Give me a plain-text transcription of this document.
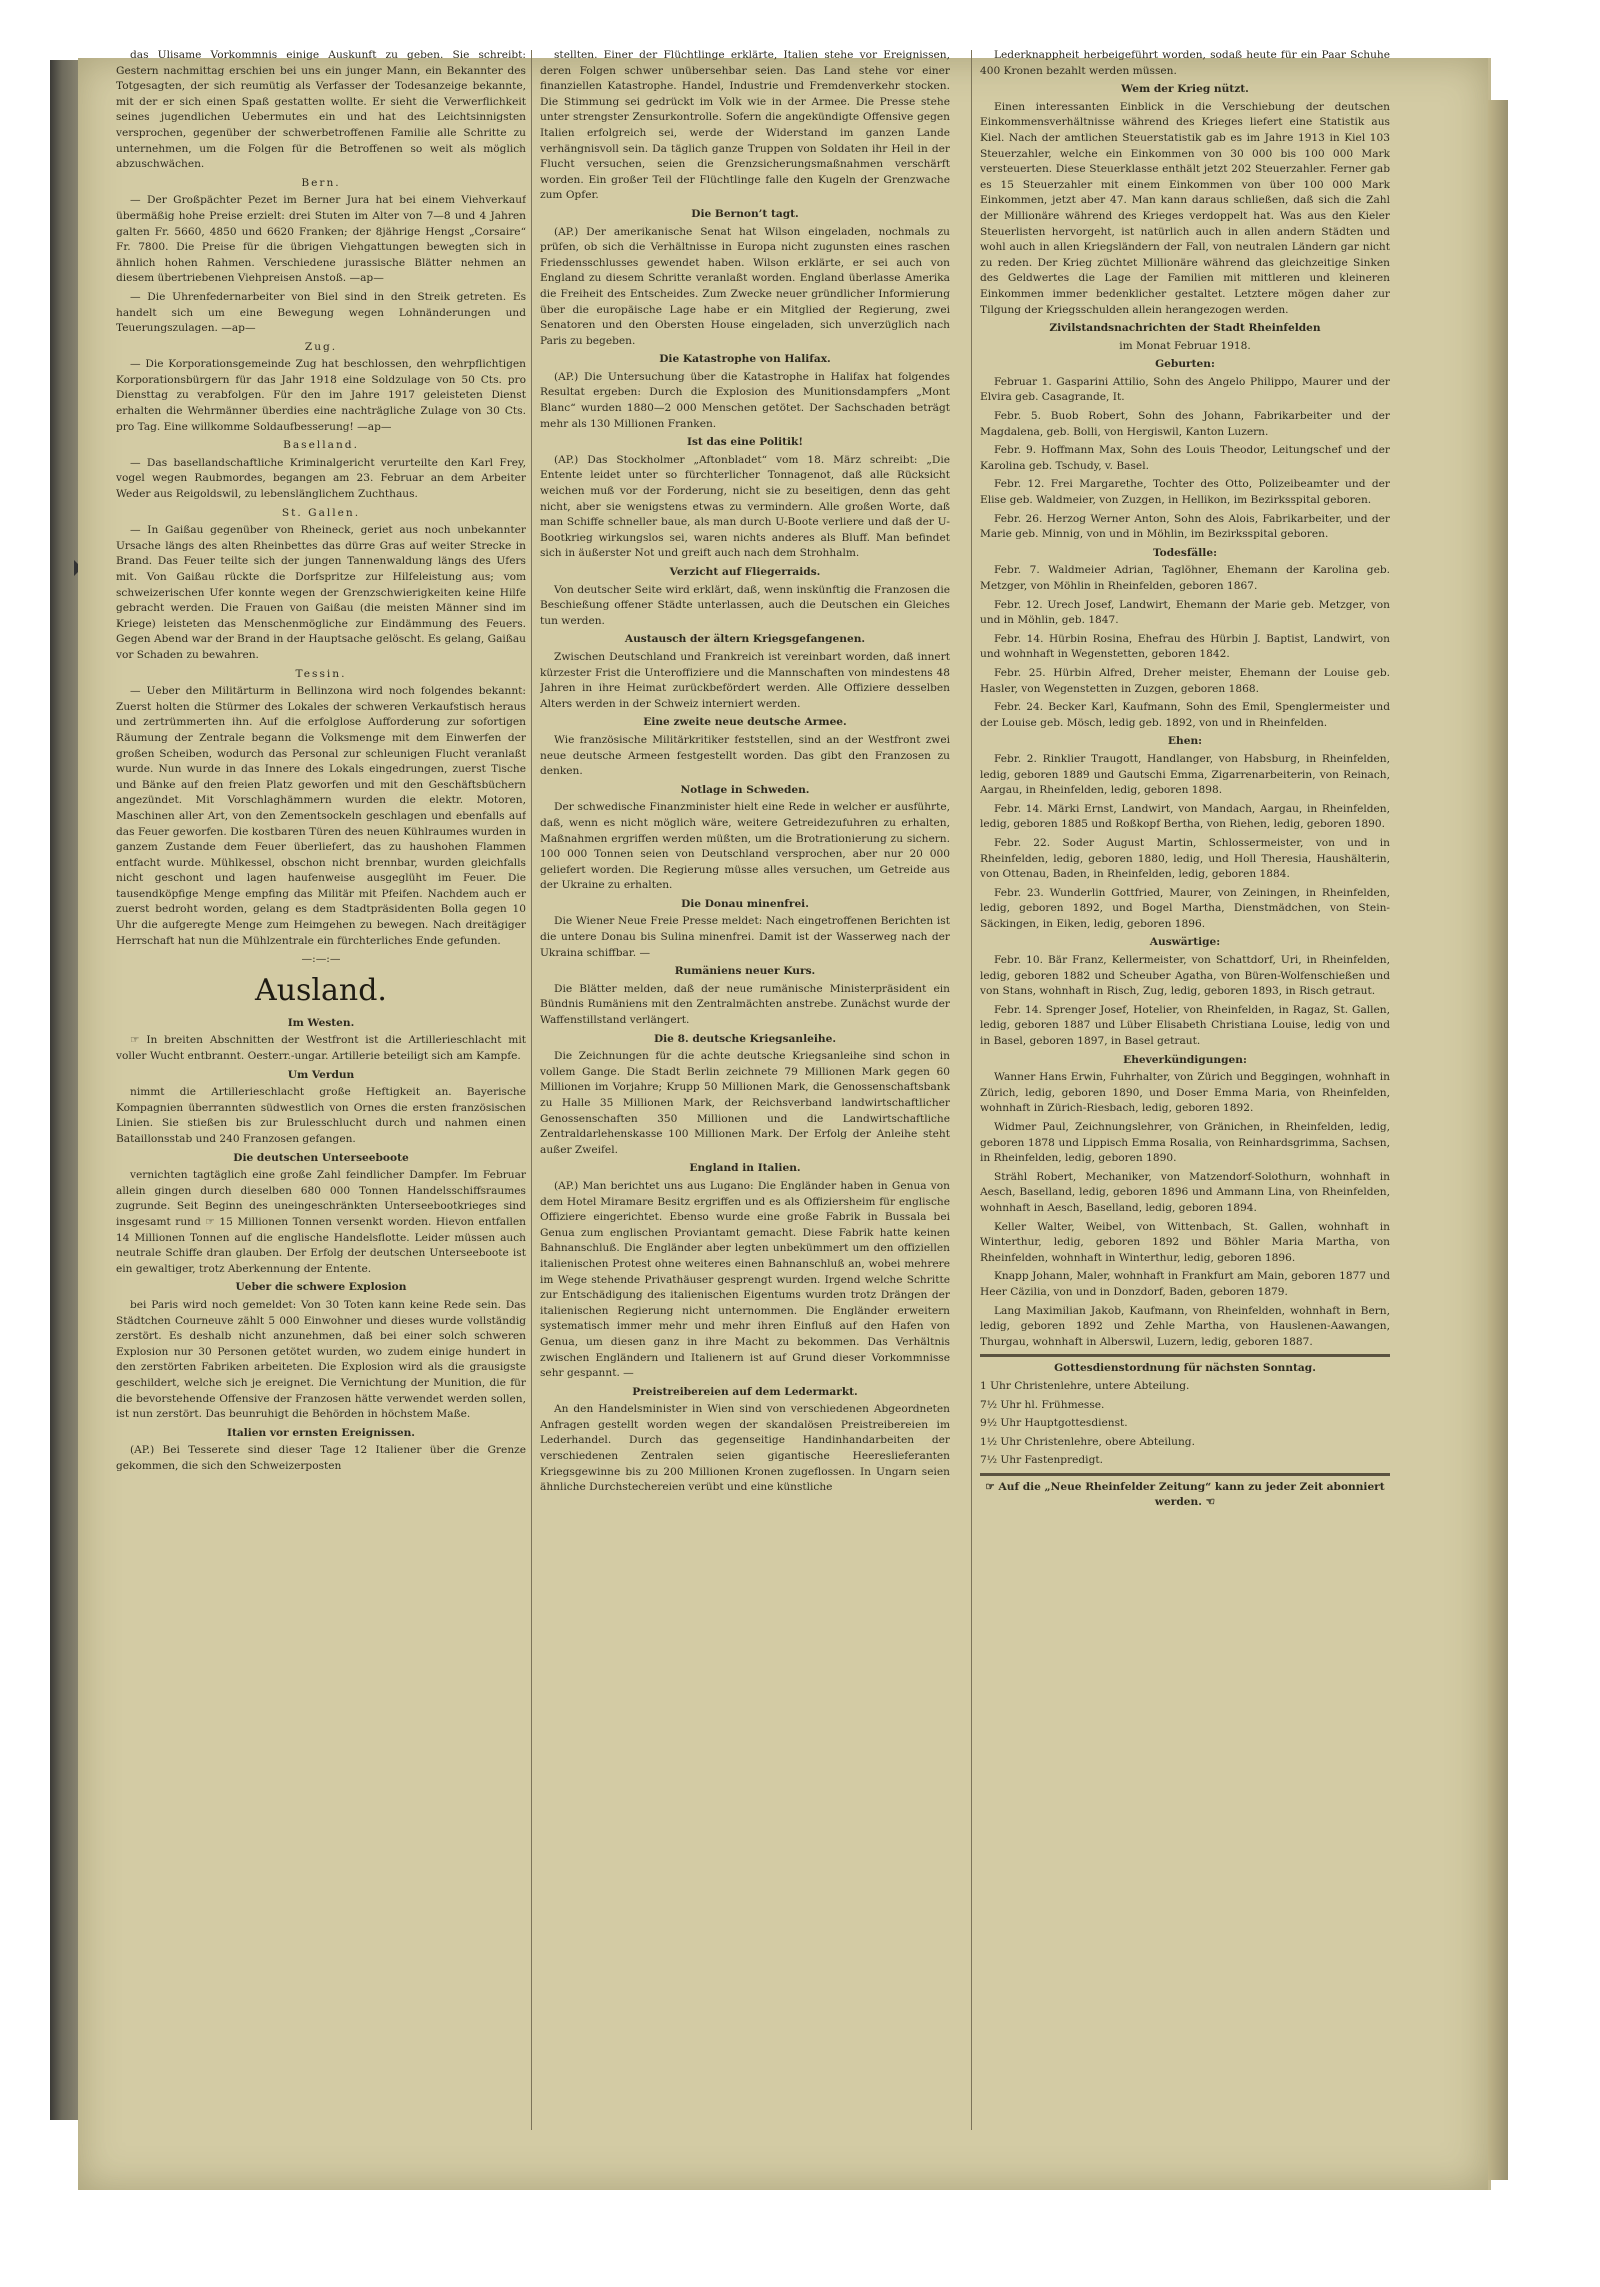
das Ulisame Vorkommnis einige Auskunft zu geben. Sie schreibt: Gestern nachmittag erschien bei uns ein junger Mann, ein Bekannter des Totgesagten, der sich reumütig als Verfasser der Todesanzeige bekannte, mit der er sich einen Spaß gestatten wollte. Er sieht die Verwerflichkeit seines jugendlichen Uebermutes ein und hat des Leichtsinnigsten versprochen, gegenüber der schwerbetroffenen Familie alle Schritte zu unternehmen, um die Folgen für die Betroffenen so weit als möglich abzuschwächen.

Bern.

— Der Großpächter Pezet im Berner Jura hat bei einem Viehverkauf übermäßig hohe Preise erzielt: drei Stuten im Alter von 7—8 und 4 Jahren galten Fr. 5660, 4850 und 6620 Franken; der 8jährige Hengst „Corsaire“ Fr. 7800. Die Preise für die übrigen Viehgattungen bewegten sich in ähnlich hohen Rahmen. Verschiedene jurassische Blätter nehmen an diesem übertriebenen Viehpreisen Anstoß. —ap—

— Die Uhrenfedernarbeiter von Biel sind in den Streik getreten. Es handelt sich um eine Bewegung wegen Lohnänderungen und Teuerungszulagen. —ap—

Zug.

— Die Korporationsgemeinde Zug hat beschlossen, den wehrpflichtigen Korporationsbürgern für das Jahr 1918 eine Soldzulage von 50 Cts. pro Diensttag zu verabfolgen. Für den im Jahre 1917 geleisteten Dienst erhalten die Wehrmänner überdies eine nachträgliche Zulage von 30 Cts. pro Tag. Eine willkomme Soldaufbesserung! —ap—

Baselland.

— Das basellandschaftliche Kriminalgericht verurteilte den Karl Frey, vogel wegen Raubmordes, begangen am 23. Februar an dem Arbeiter Weder aus Reigoldswil, zu lebenslänglichem Zuchthaus.

St. Gallen.

— In Gaißau gegenüber von Rheineck, geriet aus noch unbekannter Ursache längs des alten Rheinbettes das dürre Gras auf weiter Strecke in Brand. Das Feuer teilte sich der jungen Tannenwaldung längs des Ufers mit. Von Gaißau rückte die Dorfspritze zur Hilfeleistung aus; vom schweizerischen Ufer konnte wegen der Grenzschwierigkeiten keine Hilfe gebracht werden. Die Frauen von Gaißau (die meisten Männer sind im Kriege) leisteten das Menschenmögliche zur Eindämmung des Feuers. Gegen Abend war der Brand in der Hauptsache gelöscht. Es gelang, Gaißau vor Schaden zu bewahren.

Tessin.

— Ueber den Militärturm in Bellinzona wird noch folgendes bekannt: Zuerst holten die Stürmer des Lokales der schweren Verkaufstisch heraus und zertrümmerten ihn. Auf die erfolglose Aufforderung zur sofortigen Räumung der Zentrale begann die Volksmenge mit dem Einwerfen der großen Scheiben, wodurch das Personal zur schleunigen Flucht veranlaßt wurde. Nun wurde in das Innere des Lokals eingedrungen, zuerst Tische und Bänke auf den freien Platz geworfen und mit den Geschäftsbüchern angezündet. Mit Vorschlaghämmern wurden die elektr. Motoren, Maschinen aller Art, von den Zementsockeln geschlagen und ebenfalls auf das Feuer geworfen. Die kostbaren Türen des neuen Kühlraumes wurden in ganzem Zustande dem Feuer überliefert, das zu haushohen Flammen entfacht wurde. Mühlkessel, obschon nicht brennbar, wurden gleichfalls nicht geschont und lagen haufenweise ausgeglüht im Feuer. Die tausendköpfige Menge empfing das Militär mit Pfeifen. Nachdem auch er zuerst bedroht worden, gelang es dem Stadtpräsidenten Bolla gegen 10 Uhr die aufgeregte Menge zum Heimgehen zu bewegen. Nach dreitägiger Herrschaft hat nun die Mühlzentrale ein fürchterliches Ende gefunden.

—:—:—
Ausland.
Im Westen.

☞ In breiten Abschnitten der Westfront ist die Artillerieschlacht mit voller Wucht entbrannt. Oesterr.-ungar. Artillerie beteiligt sich am Kampfe.

Um Verdun

nimmt die Artillerieschlacht große Heftigkeit an. Bayerische Kompagnien überrannten südwestlich von Ornes die ersten französischen Linien. Sie stießen bis zur Brulesschlucht durch und nahmen einen Bataillonsstab und 240 Franzosen gefangen.

Die deutschen Unterseeboote

vernichten tagtäglich eine große Zahl feindlicher Dampfer. Im Februar allein gingen durch dieselben 680 000 Tonnen Handelsschiffsraumes zugrunde. Seit Beginn des uneingeschränkten Unterseebootkrieges sind insgesamt rund ☞ 15 Millionen Tonnen versenkt worden. Hievon entfallen 14 Millionen Tonnen auf die englische Handelsflotte. Leider müssen auch neutrale Schiffe dran glauben. Der Erfolg der deutschen Unterseeboote ist ein gewaltiger, trotz Aberkennung der Entente.

Ueber die schwere Explosion

bei Paris wird noch gemeldet: Von 30 Toten kann keine Rede sein. Das Städtchen Courneuve zählt 5 000 Einwohner und dieses wurde vollständig zerstört. Es deshalb nicht anzunehmen, daß bei einer solch schweren Explosion nur 30 Personen getötet wurden, wo zudem einige hundert in den zerstörten Fabriken arbeiteten. Die Explosion wird als die grausigste geschildert, welche sich je ereignet. Die Vernichtung der Munition, die für die bevorstehende Offensive der Franzosen hätte verwendet werden sollen, ist nun zerstört. Das beunruhigt die Behörden in höchstem Maße.

Italien vor ernsten Ereignissen.

(AP.) Bei Tesserete sind dieser Tage 12 Italiener über die Grenze gekommen, die sich den Schweizerposten

stellten. Einer der Flüchtlinge erklärte, Italien stehe vor Ereignissen, deren Folgen schwer unübersehbar seien. Das Land stehe vor einer finanziellen Katastrophe. Handel, Industrie und Fremdenverkehr stocken. Die Stimmung sei gedrückt im Volk wie in der Armee. Die Presse stehe unter strengster Zensurkontrolle. Sofern die angekündigte Offensive gegen Italien erfolgreich sei, werde der Widerstand im ganzen Lande verhängnisvoll sein. Da täglich ganze Truppen von Soldaten ihr Heil in der Flucht versuchen, seien die Grenzsicherungsmaßnahmen verschärft worden. Ein großer Teil der Flüchtlinge falle den Kugeln der Grenzwache zum Opfer.

Die Bernon’t tagt.

(AP.) Der amerikanische Senat hat Wilson eingeladen, nochmals zu prüfen, ob sich die Verhältnisse in Europa nicht zugunsten eines raschen Friedensschlusses gewendet haben. Wilson erklärte, er sei auch von England zu diesem Schritte veranlaßt worden. England überlasse Amerika die Freiheit des Entscheides. Zum Zwecke neuer gründlicher Informierung über die europäische Lage habe er ein Mitglied der Regierung, zwei Senatoren und den Obersten House eingeladen, sich unverzüglich nach Paris zu begeben.

Die Katastrophe von Halifax.

(AP.) Die Untersuchung über die Katastrophe in Halifax hat folgendes Resultat ergeben: Durch die Explosion des Munitionsdampfers „Mont Blanc“ wurden 1880—2 000 Menschen getötet. Der Sachschaden beträgt mehr als 130 Millionen Franken.

Ist das eine Politik!

(AP.) Das Stockholmer „Aftonbladet“ vom 18. März schreibt: „Die Entente leidet unter so fürchterlicher Tonnagenot, daß alle Rücksicht weichen muß vor der Forderung, nicht sie zu beseitigen, denn das geht nicht, aber sie wenigstens etwas zu vermindern. Alle großen Worte, daß man Schiffe schneller baue, als man durch U-Boote verliere und daß der U-Bootkrieg wirkungslos sei, waren nichts anderes als Bluff. Man befindet sich in äußerster Not und greift auch nach dem Strohhalm.

Verzicht auf Fliegerraids.

Von deutscher Seite wird erklärt, daß, wenn inskünftig die Franzosen die Beschießung offener Städte unterlassen, auch die Deutschen ein Gleiches tun werden.

Austausch der ältern Kriegsgefangenen.

Zwischen Deutschland und Frankreich ist vereinbart worden, daß innert kürzester Frist die Unteroffiziere und die Mannschaften von mindestens 48 Jahren in ihre Heimat zurückbefördert werden. Alle Offiziere desselben Alters werden in der Schweiz interniert werden.

Eine zweite neue deutsche Armee.

Wie französische Militärkritiker feststellen, sind an der Westfront zwei neue deutsche Armeen festgestellt worden. Das gibt den Franzosen zu denken.

Notlage in Schweden.

Der schwedische Finanzminister hielt eine Rede in welcher er ausführte, daß, wenn es nicht möglich wäre, weitere Getreidezufuhren zu erhalten, Maßnahmen ergriffen werden müßten, um die Brotrationierung zu sichern. 100 000 Tonnen seien von Deutschland versprochen, aber nur 20 000 geliefert worden. Die Regierung müsse alles versuchen, um Getreide aus der Ukraine zu erhalten.

Die Donau minenfrei.

Die Wiener Neue Freie Presse meldet: Nach eingetroffenen Berichten ist die untere Donau bis Sulina minenfrei. Damit ist der Wasserweg nach der Ukraina schiffbar. —

Rumäniens neuer Kurs.

Die Blätter melden, daß der neue rumänische Ministerpräsident ein Bündnis Rumäniens mit den Zentralmächten anstrebe. Zunächst wurde der Waffenstillstand verlängert.

Die 8. deutsche Kriegsanleihe.

Die Zeichnungen für die achte deutsche Kriegsanleihe sind schon in vollem Gange. Die Stadt Berlin zeichnete 79 Millionen Mark gegen 60 Millionen im Vorjahre; Krupp 50 Millionen Mark, die Genossenschaftsbank zu Halle 35 Millionen Mark, der Reichsverband landwirtschaftlicher Genossenschaften 350 Millionen und die Landwirtschaftliche Zentraldarlehenskasse 100 Millionen Mark. Der Erfolg der Anleihe steht außer Zweifel.

England in Italien.

(AP.) Man berichtet uns aus Lugano: Die Engländer haben in Genua von dem Hotel Miramare Besitz ergriffen und es als Offiziersheim für englische Offiziere eingerichtet. Ebenso wurde eine große Fabrik in Bussala bei Genua zum englischen Proviantamt gemacht. Diese Fabrik hatte keinen Bahnanschluß. Die Engländer aber legten unbekümmert um den offiziellen italienischen Protest ohne weiteres einen Bahnanschluß an, wobei mehrere im Wege stehende Privathäuser gesprengt wurden. Irgend welche Schritte zur Entschädigung des italienischen Eigentums wurden trotz Drängen der italienischen Regierung nicht unternommen. Die Engländer erweitern systematisch immer mehr und mehr ihren Einfluß auf den Hafen von Genua, um diesen ganz in ihre Macht zu bekommen. Das Verhältnis zwischen Engländern und Italienern ist auf Grund dieser Vorkommnisse sehr gespannt. —

Preistreibereien auf dem Ledermarkt.

An den Handelsminister in Wien sind von verschiedenen Abgeordneten Anfragen gestellt worden wegen der skandalösen Preistreibereien im Lederhandel. Durch das gegenseitige Handinhandarbeiten der verschiedenen Zentralen seien gigantische Heereslieferanten Kriegsgewinne bis zu 200 Millionen Kronen zugeflossen. In Ungarn seien ähnliche Durchstechereien verübt und eine künstliche

Lederknappheit herbeigeführt worden, sodaß heute für ein Paar Schuhe 400 Kronen bezahlt werden müssen.

Wem der Krieg nützt.

Einen interessanten Einblick in die Verschiebung der deutschen Einkommensverhältnisse während des Krieges liefert eine Statistik aus Kiel. Nach der amtlichen Steuerstatistik gab es im Jahre 1913 in Kiel 103 Steuerzahler, welche ein Einkommen von 30 000 bis 100 000 Mark versteuerten. Diese Steuerklasse enthält jetzt 202 Steuerzahler. Ferner gab es 15 Steuerzahler mit einem Einkommen von über 100 000 Mark Einkommen, jetzt aber 47. Man kann daraus schließen, daß sich die Zahl der Millionäre während des Krieges verdoppelt hat. Was aus den Kieler Steuerlisten hervorgeht, ist natürlich auch in allen andern Städten und wohl auch in allen Kriegsländern der Fall, von neutralen Ländern gar nicht zu reden. Der Krieg züchtet Millionäre während das gleichzeitige Sinken des Geldwertes die Lage der Familien mit mittleren und kleineren Einkommen immer bedenklicher gestaltet. Letztere mögen daher zur Tilgung der Kriegsschulden allein herangezogen werden.

Zivilstandsnachrichten der Stadt Rheinfelden
im Monat Februar 1918.
Geburten:

Februar 1. Gasparini Attilio, Sohn des Angelo Philippo, Maurer und der Elvira geb. Casagrande, It.

Febr. 5. Buob Robert, Sohn des Johann, Fabrikarbeiter und der Magdalena, geb. Bolli, von Hergiswil, Kanton Luzern.

Febr. 9. Hoffmann Max, Sohn des Louis Theodor, Leitungschef und der Karolina geb. Tschudy, v. Basel.

Febr. 12. Frei Margarethe, Tochter des Otto, Polizeibeamter und der Elise geb. Waldmeier, von Zuzgen, in Hellikon, im Bezirksspital geboren.

Febr. 26. Herzog Werner Anton, Sohn des Alois, Fabrikarbeiter, und der Marie geb. Minnig, von und in Möhlin, im Bezirksspital geboren.

Todesfälle:

Febr. 7. Waldmeier Adrian, Taglöhner, Ehemann der Karolina geb. Metzger, von Möhlin in Rheinfelden, geboren 1867.

Febr. 12. Urech Josef, Landwirt, Ehemann der Marie geb. Metzger, von und in Möhlin, geb. 1847.

Febr. 14. Hürbin Rosina, Ehefrau des Hürbin J. Baptist, Landwirt, von und wohnhaft in Wegenstetten, geboren 1842.

Febr. 25. Hürbin Alfred, Dreher meister, Ehemann der Louise geb. Hasler, von Wegenstetten in Zuzgen, geboren 1868.

Febr. 24. Becker Karl, Kaufmann, Sohn des Emil, Spenglermeister und der Louise geb. Mösch, ledig geb. 1892, von und in Rheinfelden.

Ehen:

Febr. 2. Rinklier Traugott, Handlanger, von Habsburg, in Rheinfelden, ledig, geboren 1889 und Gautschi Emma, Zigarrenarbeiterin, von Reinach, Aargau, in Rheinfelden, ledig, geboren 1898.

Febr. 14. Märki Ernst, Landwirt, von Mandach, Aargau, in Rheinfelden, ledig, geboren 1885 und Roßkopf Bertha, von Riehen, ledig, geboren 1890.

Febr. 22. Soder August Martin, Schlossermeister, von und in Rheinfelden, ledig, geboren 1880, ledig, und Holl Theresia, Haushälterin, von Ottenau, Baden, in Rheinfelden, ledig, geboren 1884.

Febr. 23. Wunderlin Gottfried, Maurer, von Zeiningen, in Rheinfelden, ledig, geboren 1892, und Bogel Martha, Dienstmädchen, von Stein-Säckingen, in Eiken, ledig, geboren 1896.

Auswärtige:

Febr. 10. Bär Franz, Kellermeister, von Schattdorf, Uri, in Rheinfelden, ledig, geboren 1882 und Scheuber Agatha, von Büren-Wolfenschießen und von Stans, wohnhaft in Risch, Zug, ledig, geboren 1893, in Risch getraut.

Febr. 14. Sprenger Josef, Hotelier, von Rheinfelden, in Ragaz, St. Gallen, ledig, geboren 1887 und Lüber Elisabeth Christiana Louise, ledig von und in Basel, geboren 1897, in Basel getraut.

Eheverkündigungen:

Wanner Hans Erwin, Fuhrhalter, von Zürich und Beggingen, wohnhaft in Zürich, ledig, geboren 1890, und Doser Emma Maria, von Rheinfelden, wohnhaft in Zürich-Riesbach, ledig, geboren 1892.

Widmer Paul, Zeichnungslehrer, von Gränichen, in Rheinfelden, ledig, geboren 1878 und Lippisch Emma Rosalia, von Reinhardsgrimma, Sachsen, in Rheinfelden, ledig, geboren 1890.

Strähl Robert, Mechaniker, von Matzendorf-Solothurn, wohnhaft in Aesch, Baselland, ledig, geboren 1896 und Ammann Lina, von Rheinfelden, wohnhaft in Aesch, Baselland, ledig, geboren 1894.

Keller Walter, Weibel, von Wittenbach, St. Gallen, wohnhaft in Winterthur, ledig, geboren 1892 und Böhler Maria Martha, von Rheinfelden, wohnhaft in Winterthur, ledig, geboren 1896.

Knapp Johann, Maler, wohnhaft in Frankfurt am Main, geboren 1877 und Heer Cäzilia, von und in Donzdorf, Baden, geboren 1879.

Lang Maximilian Jakob, Kaufmann, von Rheinfelden, wohnhaft in Bern, ledig, geboren 1892 und Zehle Martha, von Hauslenen-Aawangen, Thurgau, wohnhaft in Alberswil, Luzern, ledig, geboren 1887.

Gottesdienstordnung für nächsten Sonntag.

1 Uhr Christenlehre, untere Abteilung.

7½ Uhr hl. Frühmesse.

9½ Uhr Hauptgottesdienst.

1½ Uhr Christenlehre, obere Abteilung.

7½ Uhr Fastenpredigt.

☞ Auf die „Neue Rheinfelder Zeitung“ kann zu jeder Zeit abonniert werden. ☜
